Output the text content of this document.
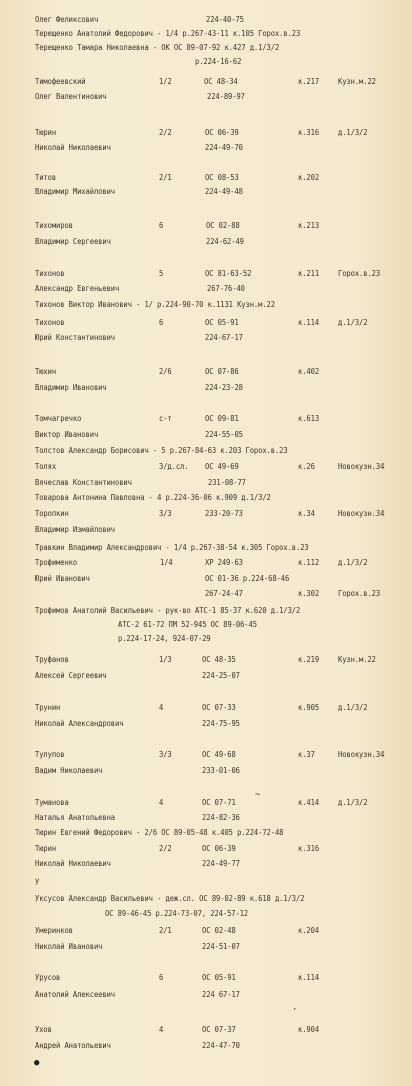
Олег Феликсович	224-40-75
Терещенко Анатолий Федорович - 1/4 р.267-43-11 к.105 Горох.в.23
Терещенко Тамара Николаевна - ОК ОС 89-07-92 к.427 д.1/3/2
р.224-16-62
Тимофеевский	1/2	ОС 48-34	к.217 Кузн.м.22
Олег Валентинович	224-89-97
Тюрин	2/2	ОС 06-39	к.316 д.1/3/2
Николай Николаевич	224-49-70
Титов	2/1	ОС 08-53	к.202
Владимир Михайлович	224-49-48
Тихомиров	6	ОС 02-88	к.213
Владимир Сергеевич	224-62-49
Тихонов	5	ОС 81-63-52	к.211 Горох.в.23
Александр Евгеньевич	267-76-40
Тихонов Виктор Иванович - 1/ р.224-90-70 к.1131 Кузн.м.22
Тихонов	6	ОС 05-91	к.114 д.1/3/2
Юрий Константинович	224-67-17
Тюхин	2/6	ОС 07-86	к.402
Владимир Иванович	224-23-28
Томчагречко	с-т	ОС 09-81	к.613
Виктор Иванович	224-55-05
Толстов Александр Борисович - 5 р.267-84-63 к.203 Горох.в.23
Толях	3/д.сл. ОС 49-69	к.26	Новокузн.34
Вячеслав Константинович	231-08-77
Товарова Антонина Павловна - 4 р.224-36-06 к.909 д.1/3/2
Торопкин	3/3	233-20-73	к.34	Новокузн.34
Владимир Измайлович
Травкин Владимир Александрович - 1/4 р.267-38-54 к.305 Горох.в.23
Трофименко	1/4	ХР 249-63	к.112 д.1/3/2
Юрий Иванович	ОС 01-36 р.224-68-46
267-24-47	к.302 Горох.в.23
Трофимов Анатолий Васильевич - рук-во АТС-1 85-37 к.620 д.1/3/2
АТС-2 61-72 ПМ 52-945 ОС 89-06-45
р.224-17-24, 924-07-29
Труфанов	1/3	ОС 48-35	к.219 Кузн.м.22
Алексей Сергеевич	224-25-07
Трунин	4	ОС 07-33	к.905 д.1/3/2
Николай Александрович	224-75-95
Тулупов	3/3	ОС 49-68	к.37	Новокузн.34
Вадим Николаевич	233-01-06
Туманова	4	ОС 07-71	к.414 д.1/3/2
Наталья Анатольевна	224-82-36
Тюрин Евгений Федорович - 2/6 ОС 89-05-48 к.405 р.224-72-48
Тюрин	2/2	ОС 06-39	к.316
Николай Николаевич	224-49-77
у
Уксусов Александр Васильевич - деж.сл. ОС 89-02-89 к.618 д.1/3/2
ОС 89-46-45 р.224-73-07, 224-57-12
Умеринков	2/1	ОС 02-48	к.204
Николай Иванович	224-51-07
Урусов	6	ОС 05-91	к.114
Анатолий Алексеевич	224 67-17
Ухов	4	ОС 07-37	к.904
Андрей Анатольевич	224-47-70
~
·
●
